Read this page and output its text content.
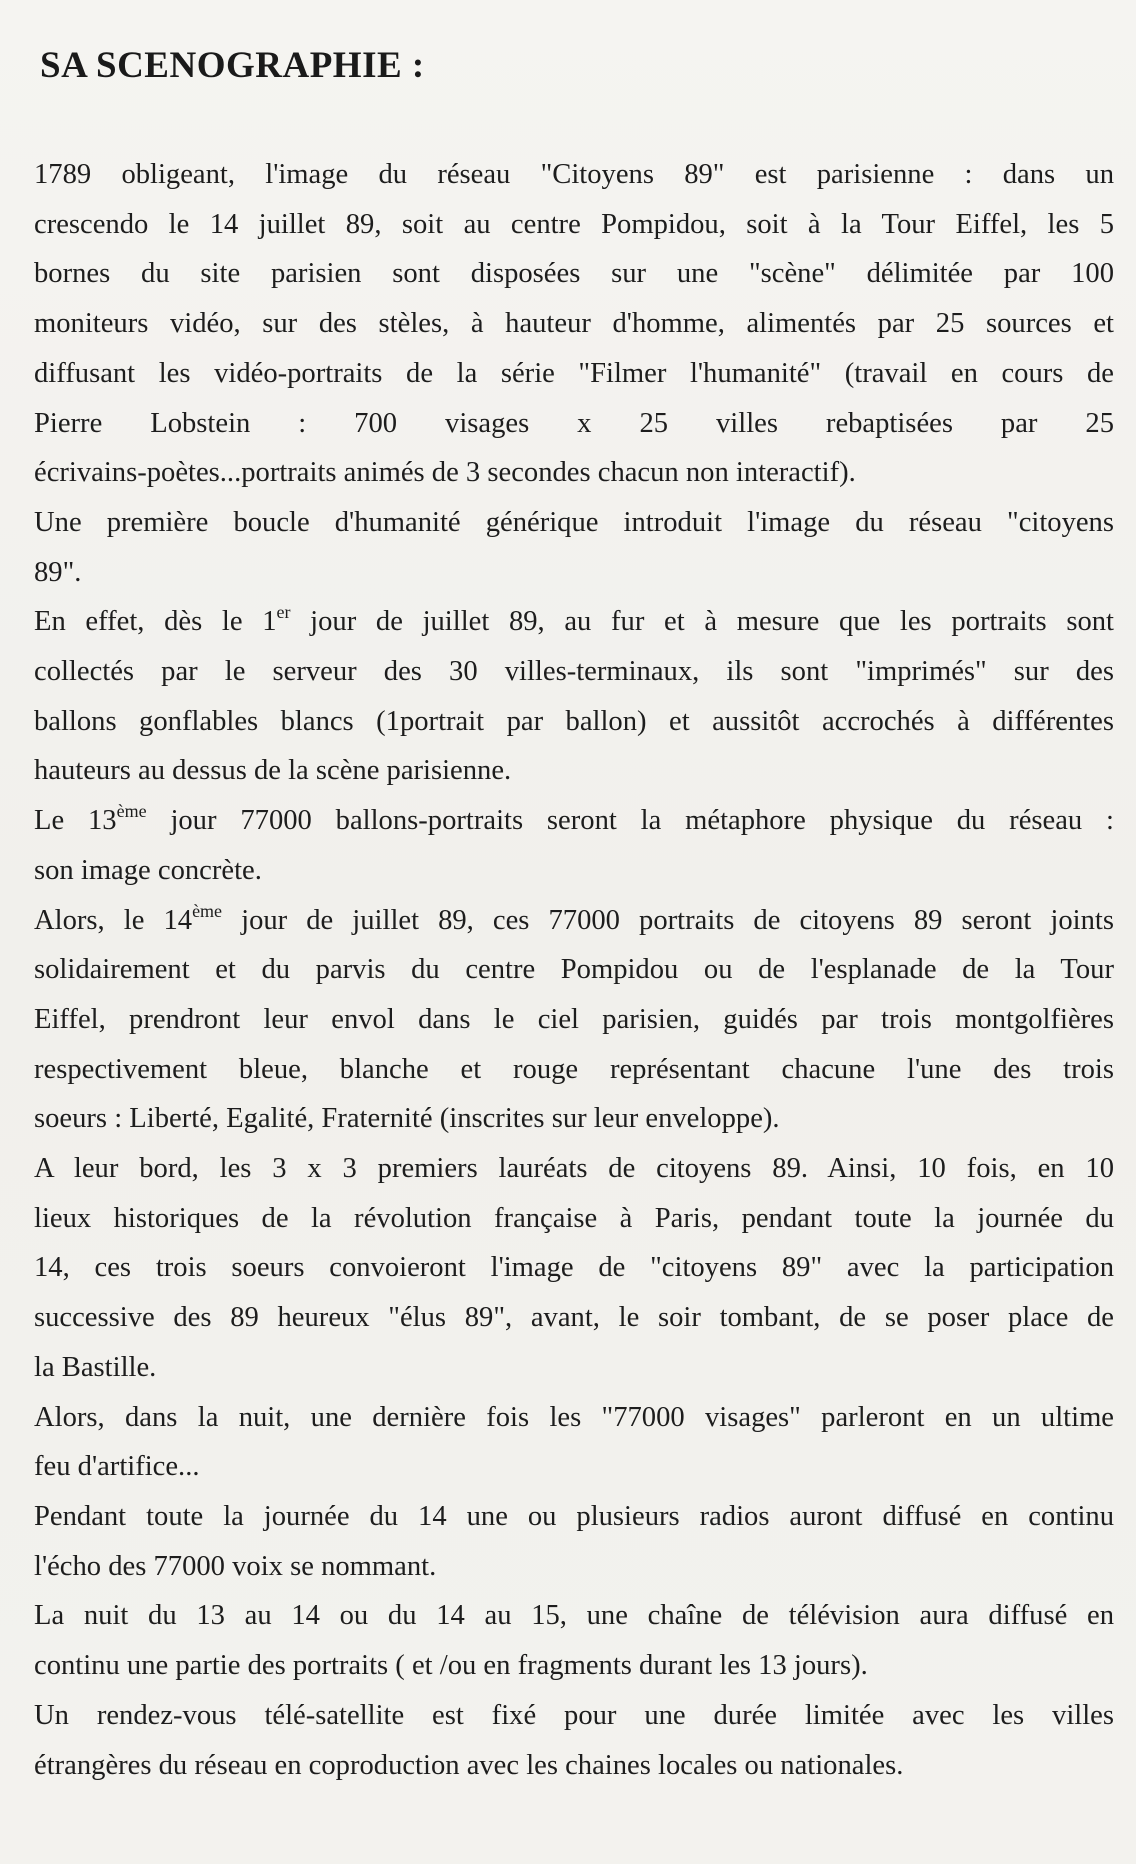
SA SCENOGRAPHIE :

1789 obligeant, l'image du réseau "Citoyens 89" est parisienne : dans un
crescendo le 14 juillet 89, soit au centre Pompidou, soit à la Tour Eiffel, les 5
bornes du site parisien sont disposées sur une "scène" délimitée par 100
moniteurs vidéo, sur des stèles, à hauteur d'homme, alimentés par 25 sources et
diffusant les vidéo-portraits de la série "Filmer l'humanité" (travail en cours de
Pierre Lobstein : 700 visages x 25 villes rebaptisées par 25
écrivains-poètes...portraits animés de 3 secondes chacun non interactif).

Une première boucle d'humanité générique introduit l'image du réseau "citoyens
89".

En effet, dès le 1er jour de juillet 89, au fur et à mesure que les portraits sont
collectés par le serveur des 30 villes-terminaux, ils sont "imprimés" sur des
ballons gonflables blancs (1portrait par ballon) et aussitôt accrochés à différentes
hauteurs au dessus de la scène parisienne.

Le 13ème jour 77000 ballons-portraits seront la métaphore physique du réseau :
son image concrète.

Alors, le 14ème jour de juillet 89, ces 77000 portraits de citoyens 89 seront joints
solidairement et du parvis du centre Pompidou ou de l'esplanade de la Tour
Eiffel, prendront leur envol dans le ciel parisien, guidés par trois montgolfières
respectivement bleue, blanche et rouge représentant chacune l'une des trois
soeurs : Liberté, Egalité, Fraternité (inscrites sur leur enveloppe).

A leur bord, les 3 x 3 premiers lauréats de citoyens 89. Ainsi, 10 fois, en 10
lieux historiques de la révolution française à Paris, pendant toute la journée du
14, ces trois soeurs convoieront l'image de "citoyens 89" avec la participation
successive des 89 heureux "élus 89", avant, le soir tombant, de se poser place de
la Bastille.

Alors, dans la nuit, une dernière fois les "77000 visages" parleront en un ultime
feu d'artifice...

Pendant toute la journée du 14 une ou plusieurs radios auront diffusé en continu
l'écho des 77000 voix se nommant.

La nuit du 13 au 14 ou du 14 au 15, une chaîne de télévision aura diffusé en
continu une partie des portraits ( et /ou en fragments durant les 13 jours).

Un rendez-vous télé-satellite est fixé pour une durée limitée avec les villes
étrangères du réseau en coproduction avec les chaines locales ou nationales.
